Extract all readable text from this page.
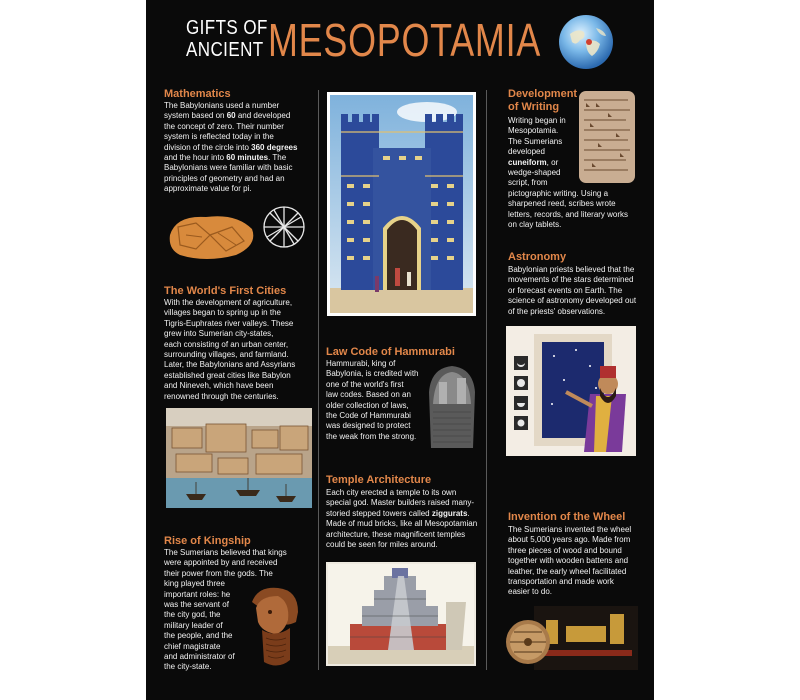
GIFTS OF
ANCIENT MESOPOTAMIA
Mathematics
The Babylonians used a number
system based on 60 and developed
the concept of zero. Their number
system is reflected today in the
division of the circle into 360 degrees
and the hour into 60 minutes. The
Babylonians were familiar with basic
principles of geometry and had an
approximate value for pi.
The World's First Cities
With the development of agriculture,
villages began to spring up in the
Tigris-Euphrates river valleys. These
grew into Sumerian city-states,
each consisting of an urban center,
surrounding villages, and farmland.
Later, the Babylonians and Assyrians
established great cities like Babylon
and Nineveh, which have been
renowned through the centuries.
Rise of Kingship
The Sumerians believed that kings
were appointed by and received
their power from the gods. The
king played three
important roles: he
was the servant of
the city god, the
military leader of
the people, and the
chief magistrate
and administrator of
the city-state.
Law Code of Hammurabi
Hammurabi, king of
Babylonia, is credited with
one of the world's first
law codes. Based on an
older collection of laws,
the Code of Hammurabi
was designed to protect
the weak from the strong.
Temple Architecture
Each city erected a temple to its own
special god. Master builders raised many-
storied stepped towers called ziggurats.
Made of mud bricks, like all Mesopotamian
architecture, these magnificent temples
could be seen for miles around.
Development
of Writing
Writing began in
Mesopotamia.
The Sumerians
developed
cuneiform, or
wedge-shaped
script, from
pictographic writing. Using a
sharpened reed, scribes wrote
letters, records, and literary works
on clay tablets.
Astronomy
Babylonian priests believed that the
movements of the stars determined
or forecast events on Earth. The
science of astronomy developed out
of the priests' observations.
Invention of the Wheel
The Sumerians invented the wheel
about 5,000 years ago. Made from
three pieces of wood and bound
together with wooden battens and
leather, the early wheel facilitated
transportation and made work
easier to do.
